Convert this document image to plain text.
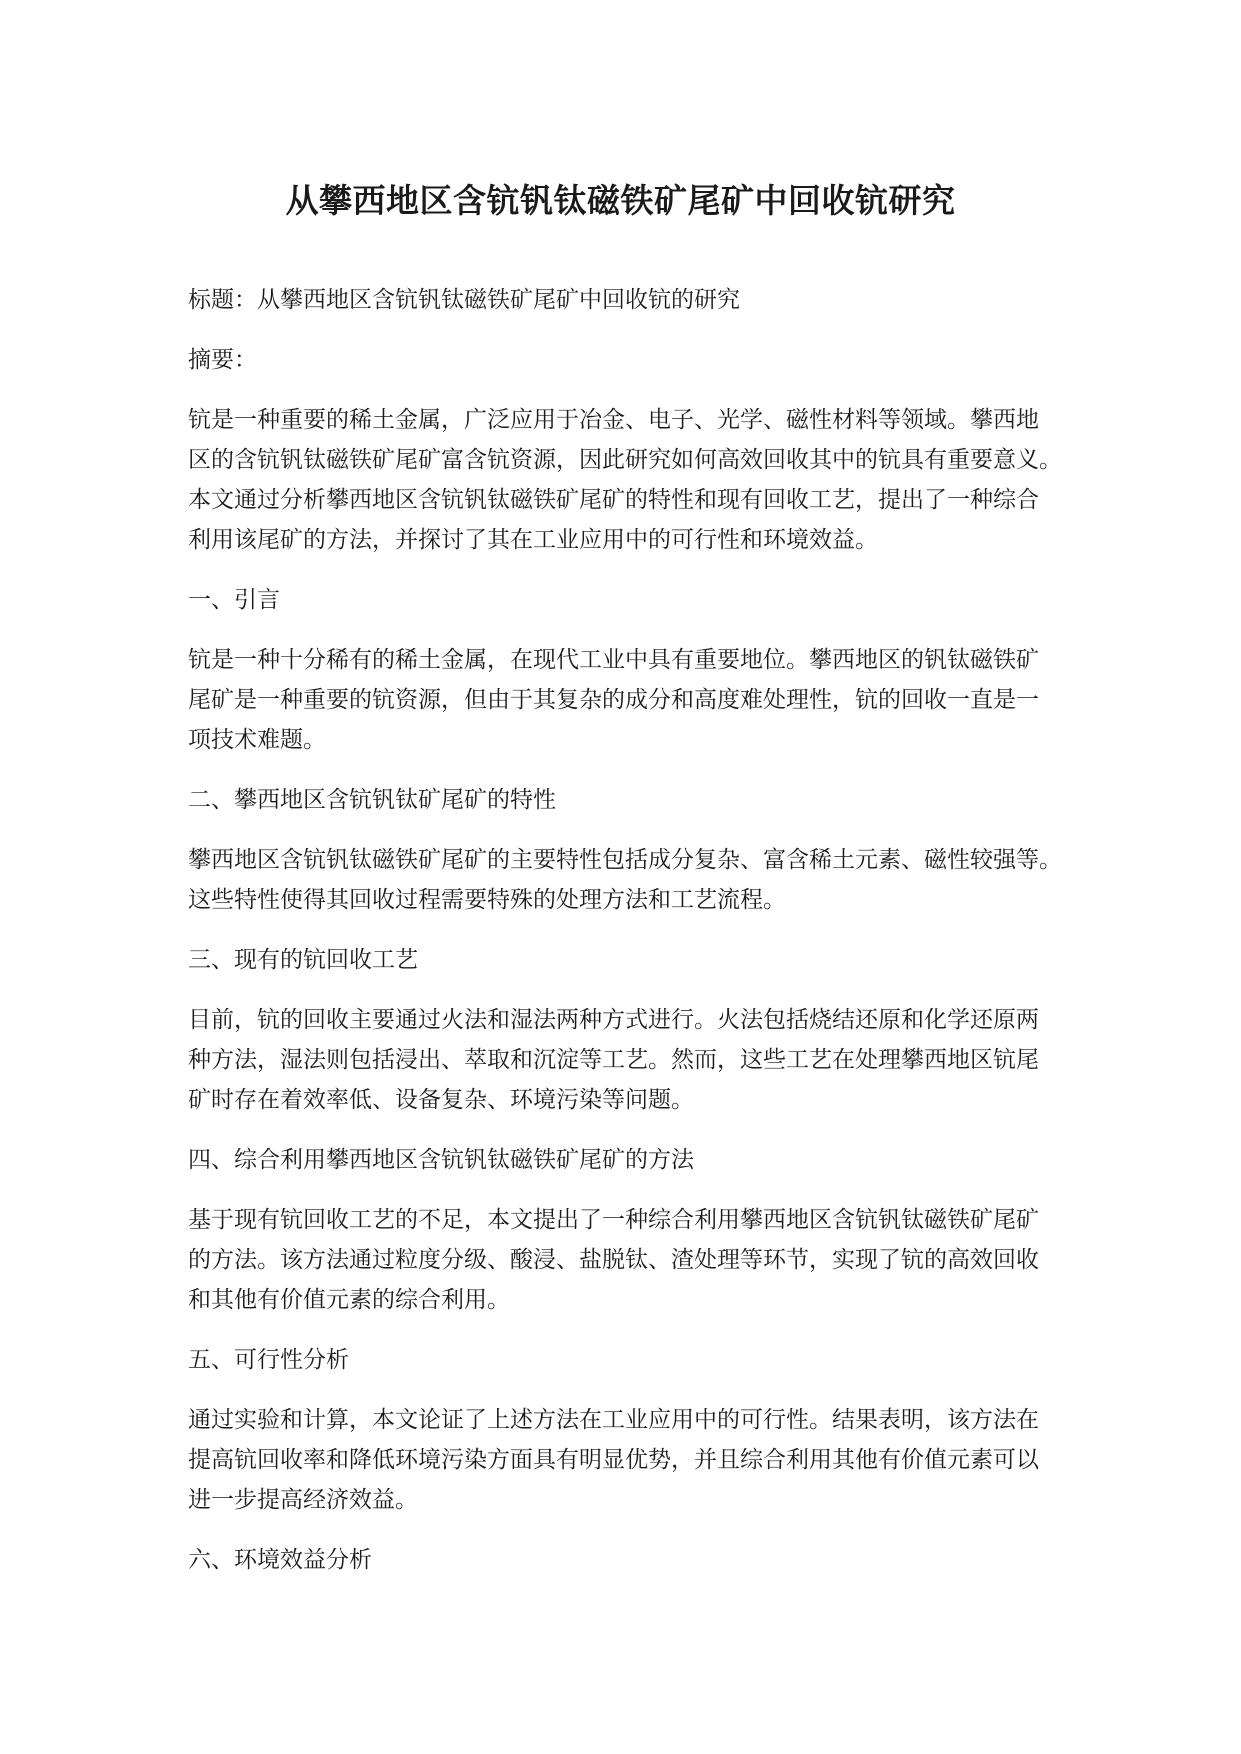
从攀西地区含钪钒钛磁铁矿尾矿中回收钪研究

标题：从攀西地区含钪钒钛磁铁矿尾矿中回收钪的研究

摘要：

钪是一种重要的稀土金属，广泛应用于冶金、电子、光学、磁性材料等领域。攀西地
区的含钪钒钛磁铁矿尾矿富含钪资源，因此研究如何高效回收其中的钪具有重要意义。
本文通过分析攀西地区含钪钒钛磁铁矿尾矿的特性和现有回收工艺，提出了一种综合
利用该尾矿的方法，并探讨了其在工业应用中的可行性和环境效益。

一、引言

钪是一种十分稀有的稀土金属，在现代工业中具有重要地位。攀西地区的钒钛磁铁矿
尾矿是一种重要的钪资源，但由于其复杂的成分和高度难处理性，钪的回收一直是一
项技术难题。

二、攀西地区含钪钒钛矿尾矿的特性

攀西地区含钪钒钛磁铁矿尾矿的主要特性包括成分复杂、富含稀土元素、磁性较强等。
这些特性使得其回收过程需要特殊的处理方法和工艺流程。

三、现有的钪回收工艺

目前，钪的回收主要通过火法和湿法两种方式进行。火法包括烧结还原和化学还原两
种方法，湿法则包括浸出、萃取和沉淀等工艺。然而，这些工艺在处理攀西地区钪尾
矿时存在着效率低、设备复杂、环境污染等问题。

四、综合利用攀西地区含钪钒钛磁铁矿尾矿的方法

基于现有钪回收工艺的不足，本文提出了一种综合利用攀西地区含钪钒钛磁铁矿尾矿
的方法。该方法通过粒度分级、酸浸、盐脱钛、渣处理等环节，实现了钪的高效回收
和其他有价值元素的综合利用。

五、可行性分析

通过实验和计算，本文论证了上述方法在工业应用中的可行性。结果表明，该方法在
提高钪回收率和降低环境污染方面具有明显优势，并且综合利用其他有价值元素可以
进一步提高经济效益。

六、环境效益分析
